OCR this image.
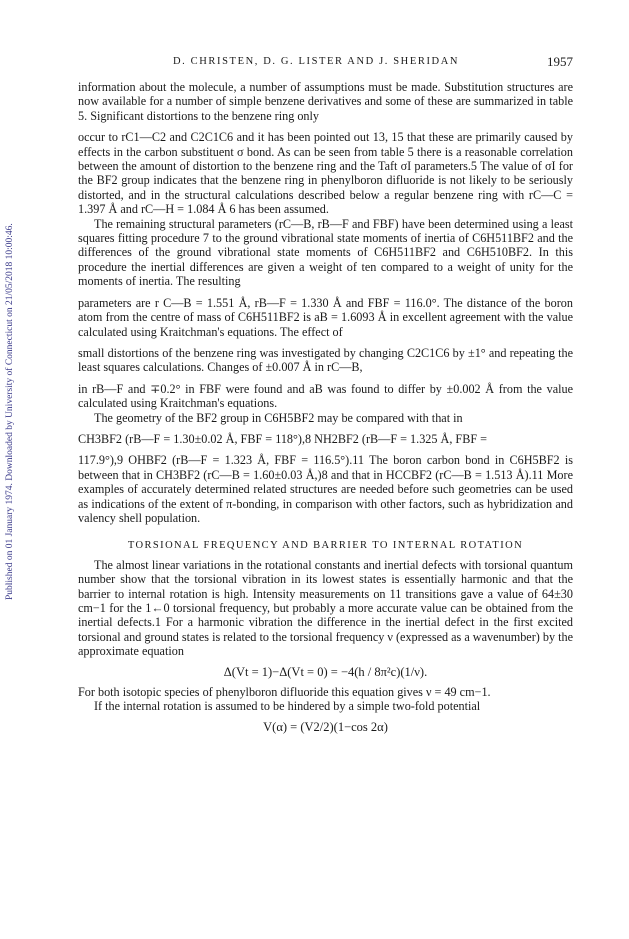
Published on 01 January 1974. Downloaded by University of Connecticut on 21/05/2018 10:00:46.
D. CHRISTEN, D. G. LISTER AND J. SHERIDAN	1957

information about the molecule, a number of assumptions must be made. Substitution structures are now available for a number of simple benzene derivatives and some of these are summarized in table 5. Significant distortions to the benzene ring only

occur to rC1—C2 and C2C1C6 and it has been pointed out 13, 15 that these are primarily caused by effects in the carbon substituent σ bond. As can be seen from table 5 there is a reasonable correlation between the amount of distortion to the benzene ring and the Taft σI parameters.5 The value of σI for the BF2 group indicates that the benzene ring in phenylboron difluoride is not likely to be seriously distorted, and in the structural calculations described below a regular benzene ring with rC—C = 1.397 Å and rC—H = 1.084 Å 6 has been assumed.

The remaining structural parameters (rC—B, rB—F and FBF) have been determined using a least squares fitting procedure 7 to the ground vibrational state moments of inertia of C6H511BF2 and the differences of the ground vibrational state moments of C6H511BF2 and C6H510BF2. In this procedure the inertial differences are given a weight of ten compared to a weight of unity for the moments of inertia. The resulting

parameters are r C—B = 1.551 Å, rB—F = 1.330 Å and FBF = 116.0°. The distance of the boron atom from the centre of mass of C6H511BF2 is aB = 1.6093 Å in excellent agreement with the value calculated using Kraitchman's equations. The effect of

small distortions of the benzene ring was investigated by changing C2C1C6 by ±1° and repeating the least squares calculations. Changes of ±0.007 Å in rC—B,

in rB—F and ∓0.2° in FBF were found and aB was found to differ by ±0.002 Å from the value calculated using Kraitchman's equations.

The geometry of the BF2 group in C6H5BF2 may be compared with that in

CH3BF2 (rB—F = 1.30±0.02 Å, FBF = 118°),8 NH2BF2 (rB—F = 1.325 Å, FBF =

117.9°),9 OHBF2 (rB—F = 1.323 Å, FBF = 116.5°).11 The boron carbon bond in C6H5BF2 is between that in CH3BF2 (rC—B = 1.60±0.03 Å,)8 and that in HCCBF2 (rC—B = 1.513 Å).11 More examples of accurately determined related structures are needed before such geometries can be used as indications of the extent of π-bonding, in comparison with other factors, such as hybridization and valency shell population.

TORSIONAL FREQUENCY AND BARRIER TO INTERNAL ROTATION

The almost linear variations in the rotational constants and inertial defects with torsional quantum number show that the torsional vibration in its lowest states is essentially harmonic and that the barrier to internal rotation is high. Intensity measurements on 11 transitions gave a value of 64±30 cm−1 for the 1←0 torsional frequency, but probably a more accurate value can be obtained from the inertial defects.1 For a harmonic vibration the difference in the inertial defect in the first excited torsional and ground states is related to the torsional frequency ν (expressed as a wavenumber) by the approximate equation

Δ(Vt = 1)−Δ(Vt = 0) = −4(h / 8π²c)(1/ν).

For both isotopic species of phenylboron difluoride this equation gives ν = 49 cm−1.

If the internal rotation is assumed to be hindered by a simple two-fold potential

V(α) = (V2/2)(1−cos 2α)
